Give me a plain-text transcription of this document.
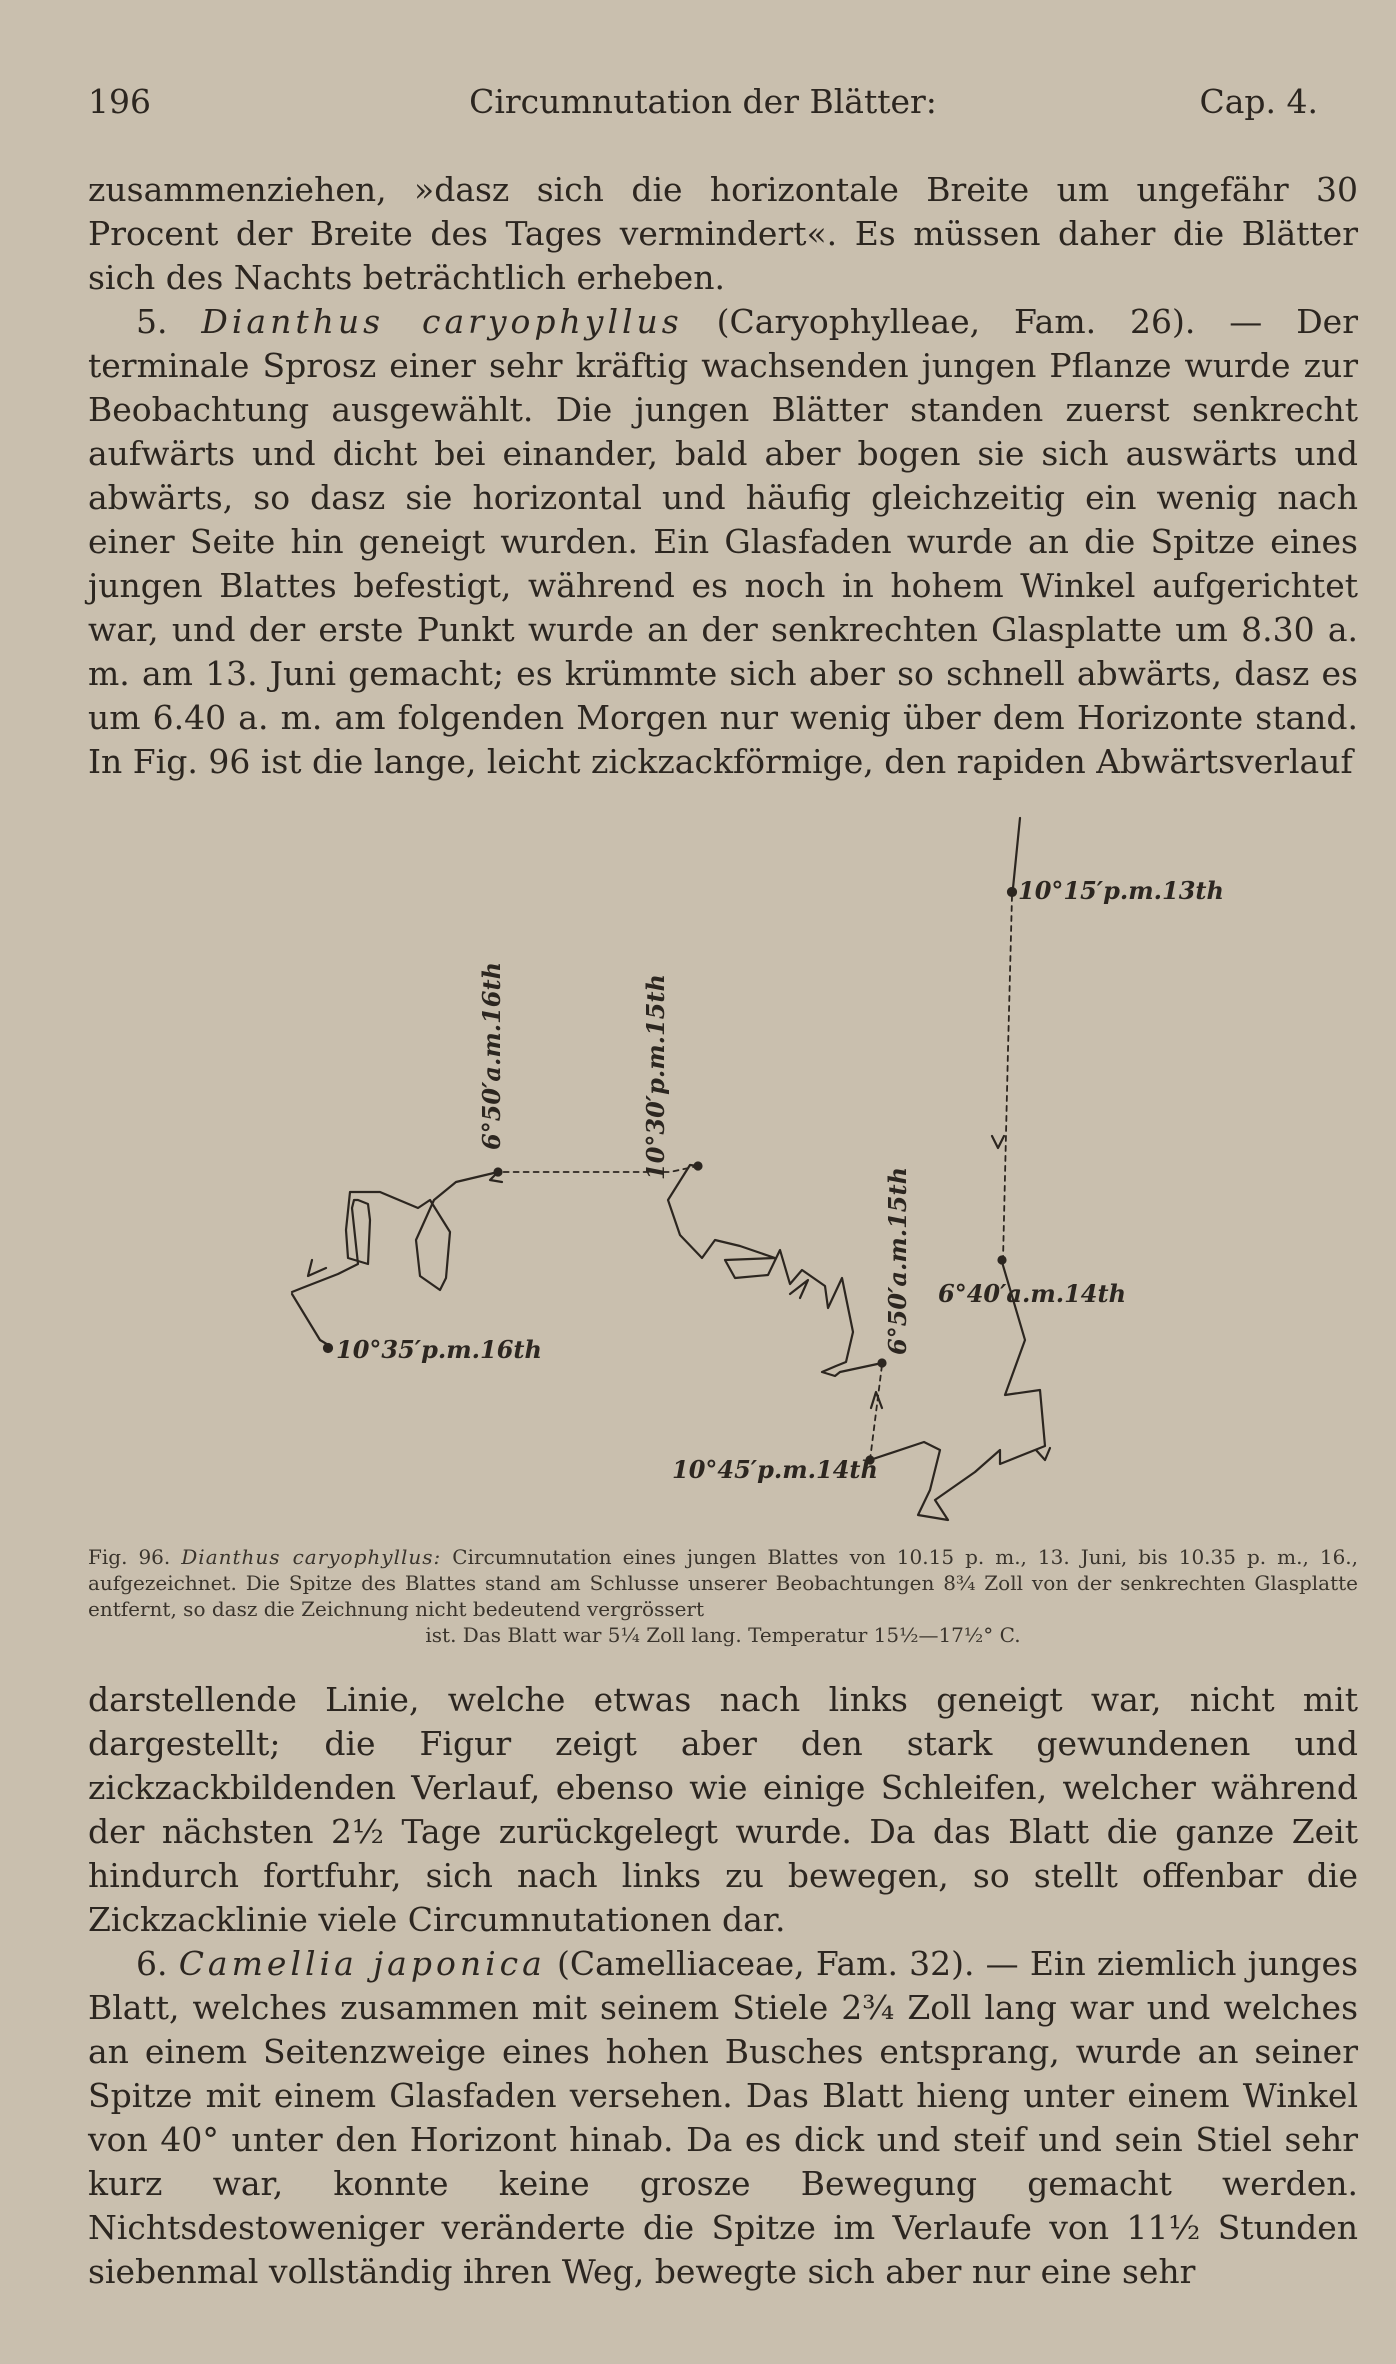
196	Circumnutation der Blätter:	Cap. 4.

zusammenziehen, »dasz sich die horizontale Breite um ungefähr 30 Procent der Breite des Tages vermindert«. Es müssen daher die Blätter sich des Nachts beträchtlich erheben.

5. Dianthus caryophyllus (Caryophylleae, Fam. 26). — Der terminale Sprosz einer sehr kräftig wachsenden jungen Pflanze wurde zur Beobachtung ausgewählt. Die jungen Blätter standen zuerst senkrecht aufwärts und dicht bei einander, bald aber bogen sie sich auswärts und abwärts, so dasz sie horizontal und häufig gleichzeitig ein wenig nach einer Seite hin geneigt wurden. Ein Glasfaden wurde an die Spitze eines jungen Blattes befestigt, während es noch in hohem Winkel aufgerichtet war, und der erste Punkt wurde an der senkrechten Glasplatte um 8.30 a. m. am 13. Juni gemacht; es krümmte sich aber so schnell abwärts, dasz es um 6.40 a. m. am folgenden Morgen nur wenig über dem Horizonte stand. In Fig. 96 ist die lange, leicht zickzackförmige, den rapiden Abwärtsverlauf

10°15′p.m.13th
6°50′a.m.16th	10°30′p.m.15th
10°35′p.m.16th	6°50′a.m.15th 6°40′a.m.14th
10°45′p.m.14th
Fig. 96. Dianthus caryophyllus: Circumnutation eines jungen Blattes von 10.15 p. m., 13. Juni, bis 10.35 p. m., 16., aufgezeichnet. Die Spitze des Blattes stand am Schlusse unserer Beobachtungen 8¾ Zoll von der senkrechten Glasplatte entfernt, so dasz die Zeichnung nicht bedeutend vergrössert
ist. Das Blatt war 5¼ Zoll lang. Temperatur 15½—17½° C.

darstellende Linie, welche etwas nach links geneigt war, nicht mit dargestellt; die Figur zeigt aber den stark gewundenen und zickzackbildenden Verlauf, ebenso wie einige Schleifen, welcher während der nächsten 2½ Tage zurückgelegt wurde. Da das Blatt die ganze Zeit hindurch fortfuhr, sich nach links zu bewegen, so stellt offenbar die Zickzacklinie viele Circumnutationen dar.

6. Camellia japonica (Camelliaceae, Fam. 32). — Ein ziemlich junges Blatt, welches zusammen mit seinem Stiele 2¾ Zoll lang war und welches an einem Seitenzweige eines hohen Busches entsprang, wurde an seiner Spitze mit einem Glasfaden versehen. Das Blatt hieng unter einem Winkel von 40° unter den Horizont hinab. Da es dick und steif und sein Stiel sehr kurz war, konnte keine grosze Bewegung gemacht werden. Nichtsdestoweniger veränderte die Spitze im Verlaufe von 11½ Stunden siebenmal vollständig ihren Weg, bewegte sich aber nur eine sehr
